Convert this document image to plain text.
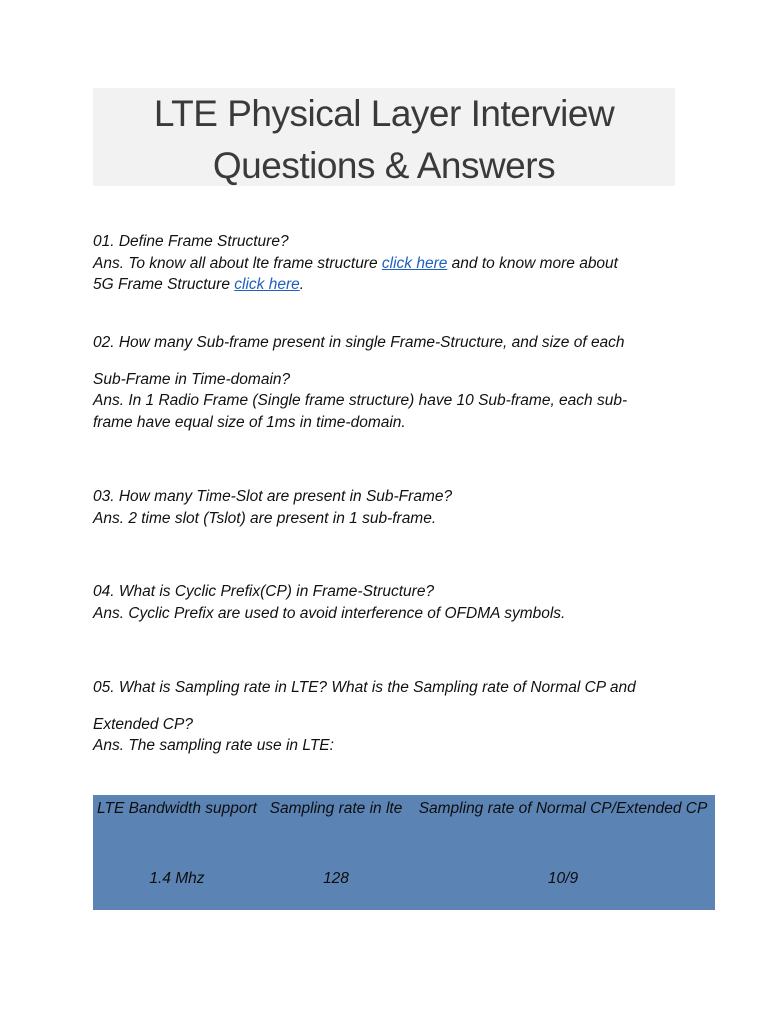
LTE Physical Layer Interview
Questions & Answers

01. Define Frame Structure?

Ans. To know all about lte frame structure click here and to know more about
5G Frame Structure click here.

02. How many Sub-frame present in single Frame-Structure, and size of each

Sub-Frame in Time-domain?

Ans. In 1 Radio Frame (Single frame structure) have 10 Sub-frame, each sub-

frame have equal size of 1ms in time-domain.

03. How many Time-Slot are present in Sub-Frame?

Ans. 2 time slot (Tslot) are present in 1 sub-frame.

04. What is Cyclic Prefix(CP) in Frame-Structure?

Ans. Cyclic Prefix are used to avoid interference of OFDMA symbols.

05. What is Sampling rate in LTE? What is the Sampling rate of Normal CP and

Extended CP?

Ans. The sampling rate use in LTE:

LTE Bandwidth support	Sampling rate in lte	Sampling rate of Normal CP/Extended CP
1.4 Mhz	128	10/9
